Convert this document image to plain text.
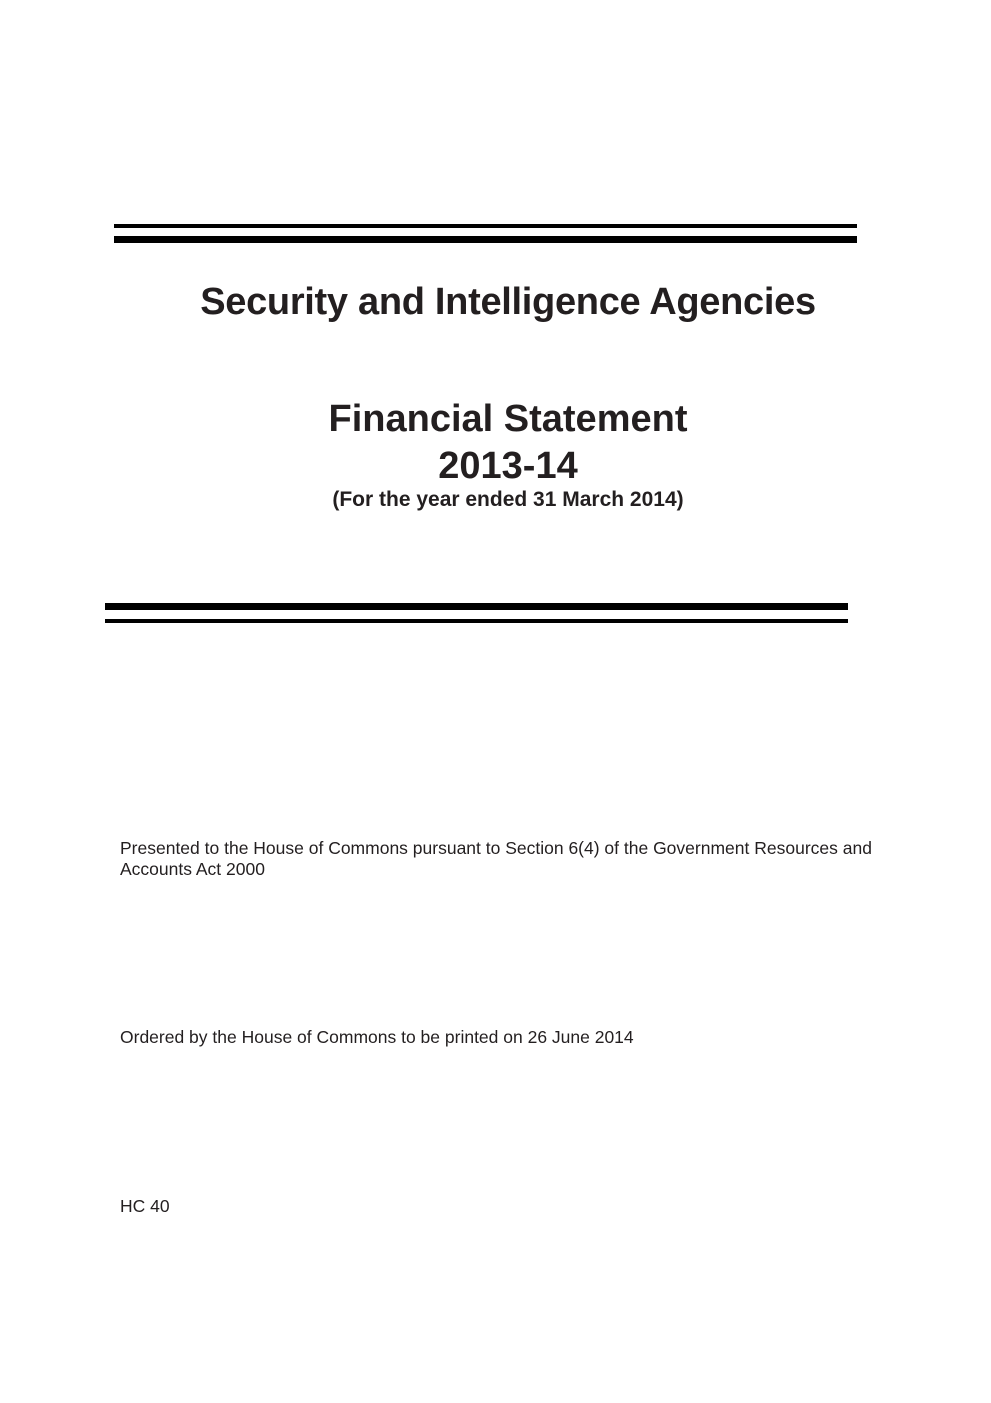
Security and Intelligence Agencies
Financial Statement
2013-14
(For the year ended 31 March 2014)

Presented to the House of Commons pursuant to Section 6(4) of the Government Resources and Accounts Act 2000

Ordered by the House of Commons to be printed on 26 June 2014

HC 40
